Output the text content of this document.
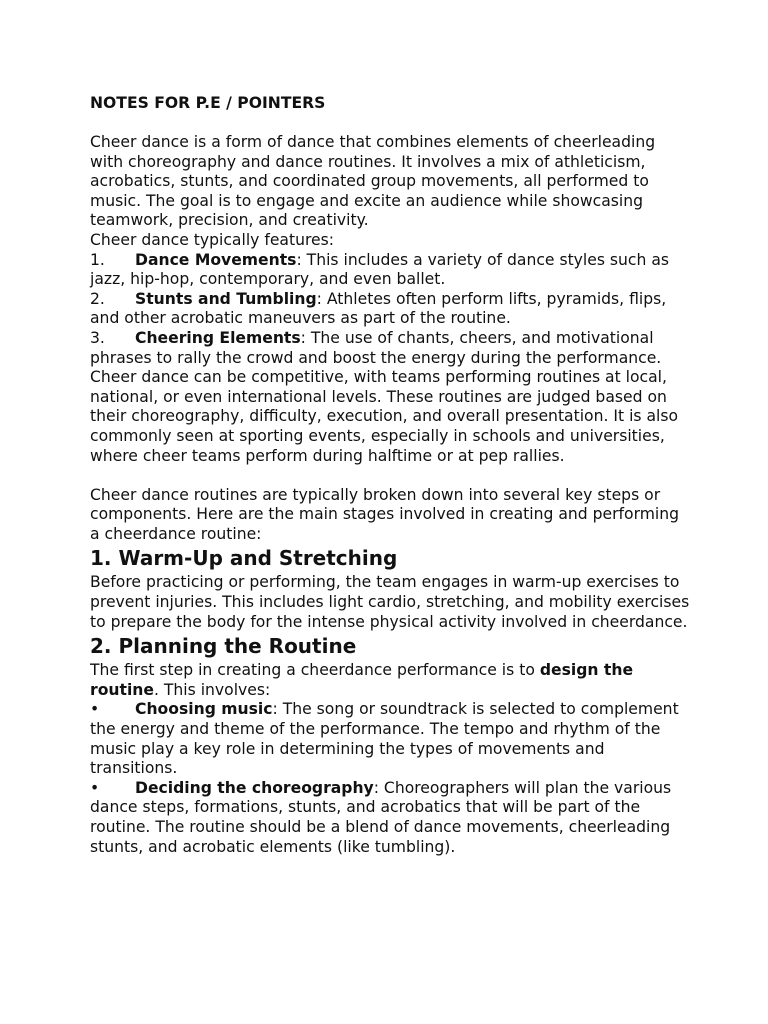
NOTES FOR P.E / POINTERS

Cheer dance is a form of dance that combines elements of cheerleading with choreography and dance routines. It involves a mix of athleticism, acrobatics, stunts, and coordinated group movements, all performed to music. The goal is to engage and excite an audience while showcasing teamwork, precision, and creativity.

Cheer dance typically features:

1. Dance Movements: This includes a variety of dance styles such as jazz, hip-hop, contemporary, and even ballet.
2. Stunts and Tumbling: Athletes often perform lifts, pyramids, flips, and other acrobatic maneuvers as part of the routine.
3. Cheering Elements: The use of chants, cheers, and motivational phrases to rally the crowd and boost the energy during the performance.

Cheer dance can be competitive, with teams performing routines at local, national, or even international levels. These routines are judged based on their choreography, difficulty, execution, and overall presentation. It is also commonly seen at sporting events, especially in schools and universities, where cheer teams perform during halftime or at pep rallies.

Cheer dance routines are typically broken down into several key steps or components. Here are the main stages involved in creating and performing a cheerdance routine:

1. Warm-Up and Stretching

Before practicing or performing, the team engages in warm-up exercises to prevent injuries. This includes light cardio, stretching, and mobility exercises to prepare the body for the intense physical activity involved in cheerdance.

2. Planning the Routine

The first step in creating a cheerdance performance is to design the routine. This involves:

• Choosing music: The song or soundtrack is selected to complement the energy and theme of the performance. The tempo and rhythm of the music play a key role in determining the types of movements and transitions.
• Deciding the choreography: Choreographers will plan the various dance steps, formations, stunts, and acrobatics that will be part of the routine. The routine should be a blend of dance movements, cheerleading stunts, and acrobatic elements (like tumbling).
